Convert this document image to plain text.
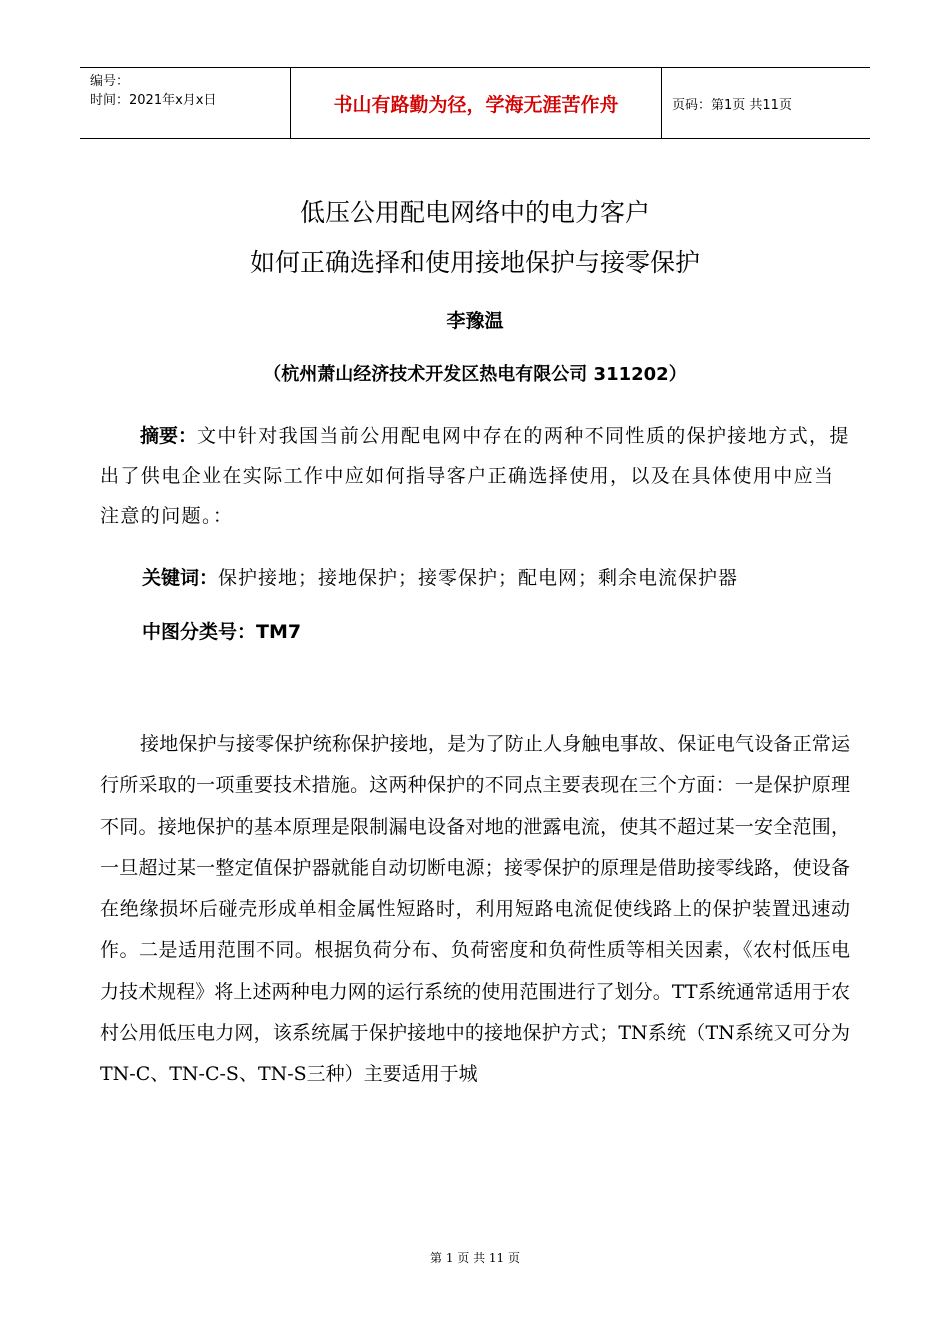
编号：
时间：2021年x月x日	书山有路勤为径，学海无涯苦作舟	页码：第1页 共11页
低压公用配电网络中的电力客户
如何正确选择和使用接地保护与接零保护
李豫温
（杭州萧山经济技术开发区热电有限公司 311202）
摘要：文中针对我国当前公用配电网中存在的两种不同性质的保护接地方式，提出了供电企业在实际工作中应如何指导客户正确选择使用，以及在具体使用中应当注意的问题。：
关键词：保护接地；接地保护；接零保护；配电网；剩余电流保护器
中图分类号：TM7
接地保护与接零保护统称保护接地，是为了防止人身触电事故、保证电气设备正常运行所采取的一项重要技术措施。这两种保护的不同点主要表现在三个方面：一是保护原理不同。接地保护的基本原理是限制漏电设备对地的泄露电流，使其不超过某一安全范围，一旦超过某一整定值保护器就能自动切断电源；接零保护的原理是借助接零线路，使设备在绝缘损坏后碰壳形成单相金属性短路时，利用短路电流促使线路上的保护装置迅速动作。二是适用范围不同。根据负荷分布、负荷密度和负荷性质等相关因素，《农村低压电力技术规程》将上述两种电力网的运行系统的使用范围进行了划分。TT系统通常适用于农村公用低压电力网，该系统属于保护接地中的接地保护方式；TN系统（TN系统又可分为TN-C、TN-C-S、TN-S三种）主要适用于城
第 1 页 共 11 页
